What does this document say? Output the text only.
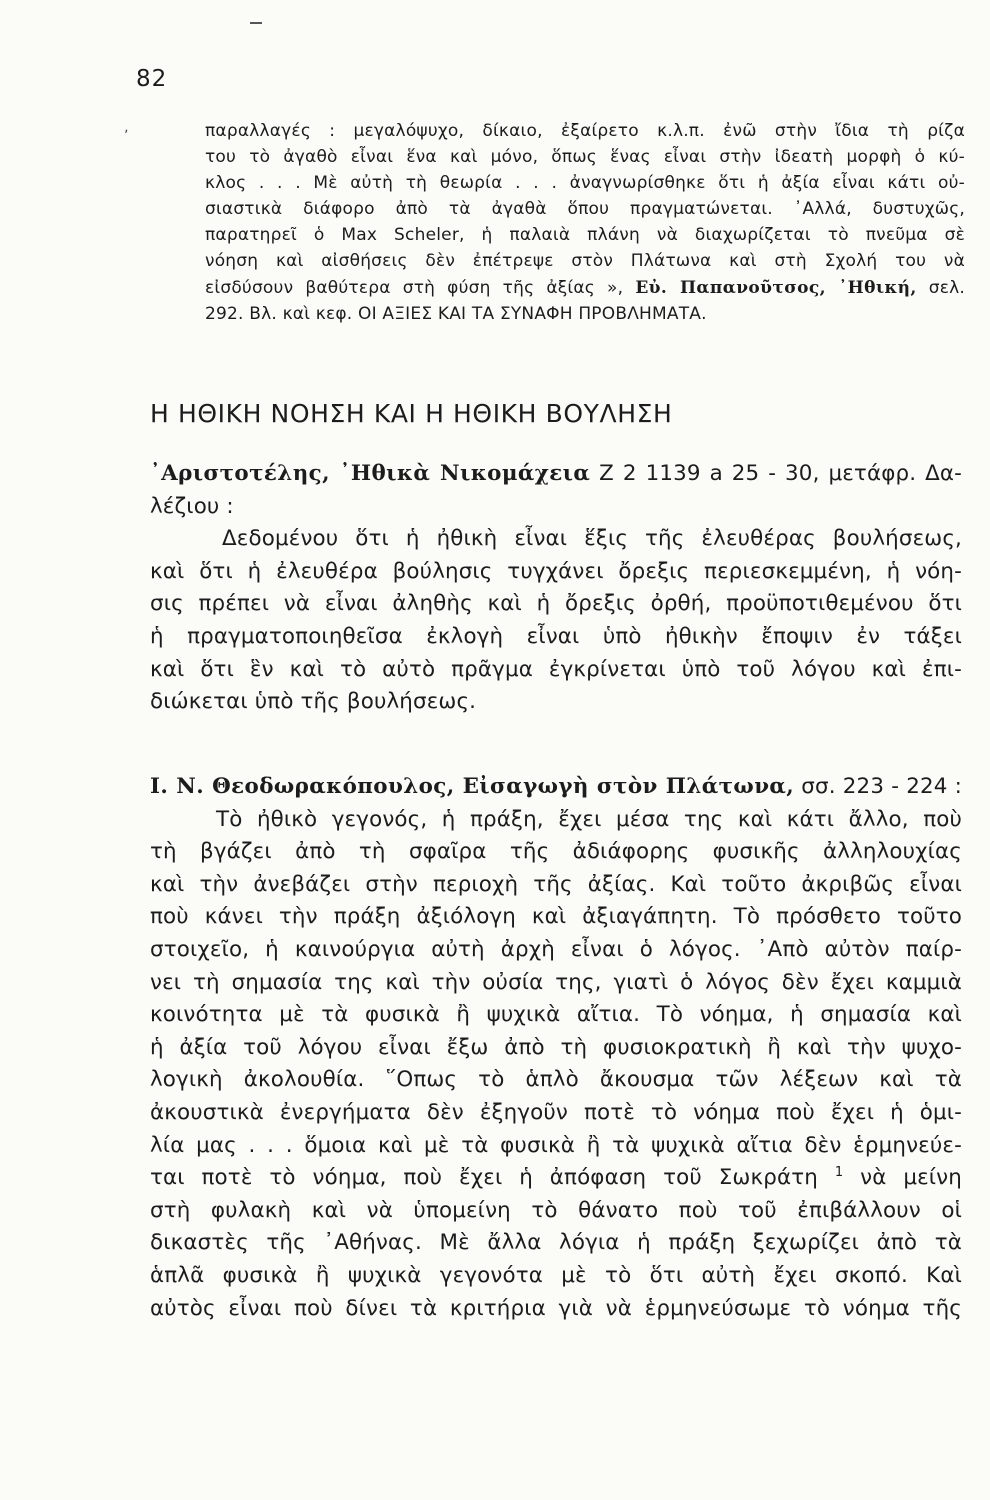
82
ʼ	παραλλαγές : μεγαλόψυχο, δίκαιο, ἐξαίρετο κ.λ.π. ἐνῶ στὴν ἴδια τὴ ρίζα
του τὸ ἀγαθὸ εἶναι ἕνα καὶ μόνο, ὅπως ἕνας εἶναι στὴν ἰδεατὴ μορφὴ ὁ κύ-
κλος . . . Μὲ αὐτὴ τὴ θεωρία . . . ἀναγνωρίσθηκε ὅτι ἡ ἀξία εἶναι κάτι οὐ-
σιαστικὰ διάφορο ἀπὸ τὰ ἀγαθὰ ὅπου πραγματώνεται. ᾿Αλλά, δυστυχῶς,
παρατηρεῖ ὁ Max Scheler, ἡ παλαιὰ πλάνη νὰ διαχωρίζεται τὸ πνεῦμα σὲ
νόηση καὶ αἰσθήσεις δὲν ἐπέτρεψε στὸν Πλάτωνα καὶ στὴ Σχολή του νὰ
εἰσδύσουν βαθύτερα στὴ φύση τῆς ἀξίας », Εὐ. Παπανοῦτσος, ᾿Ηθική, σελ.
292. Βλ. καὶ κεφ. ΟΙ ΑΞΙΕΣ ΚΑΙ ΤΑ ΣΥΝΑΦΗ ΠΡΟΒΛΗΜΑΤΑ.
Η ΗΘΙΚΗ ΝΟΗΣΗ ΚΑΙ Η ΗΘΙΚΗ ΒΟΥΛΗΣΗ
᾿Αριστοτέλης, ᾿Ηθικὰ Νικομάχεια Ζ 2 1139 a 25 - 30, μετάφρ. Δα-
λέζιου :
Δεδομένου ὅτι ἡ ἠθικὴ εἶναι ἕξις τῆς ἐλευθέρας βουλήσεως,
καὶ ὅτι ἡ ἐλευθέρα βούλησις τυγχάνει ὄρεξις περιεσκεμμένη, ἡ νόη-
σις πρέπει νὰ εἶναι ἀληθὴς καὶ ἡ ὄρεξις ὀρθή, προϋποτιθεμένου ὅτι
ἡ πραγματοποιηθεῖσα ἐκλογὴ εἶναι ὑπὸ ἠθικὴν ἔποψιν ἐν τάξει
καὶ ὅτι ἓν καὶ τὸ αὐτὸ πρᾶγμα ἐγκρίνεται ὑπὸ τοῦ λόγου καὶ ἐπι-
διώκεται ὑπὸ τῆς βουλήσεως.
Ι. Ν. Θεοδωρακόπουλος, Εἰσαγωγὴ στὸν Πλάτωνα, σσ. 223 - 224 :
Τὸ ἠθικὸ γεγονός, ἡ πράξη, ἔχει μέσα της καὶ κάτι ἄλλο, ποὺ
τὴ βγάζει ἀπὸ τὴ σφαῖρα τῆς ἀδιάφορης φυσικῆς ἀλληλουχίας
καὶ τὴν ἀνεβάζει στὴν περιοχὴ τῆς ἀξίας. Καὶ τοῦτο ἀκριβῶς εἶναι
ποὺ κάνει τὴν πράξη ἀξιόλογη καὶ ἀξιαγάπητη. Τὸ πρόσθετο τοῦτο
στοιχεῖο, ἡ καινούργια αὐτὴ ἀρχὴ εἶναι ὁ λόγος. ᾿Απὸ αὐτὸν παίρ-
νει τὴ σημασία της καὶ τὴν οὐσία της, γιατὶ ὁ λόγος δὲν ἔχει καμμιὰ
κοινότητα μὲ τὰ φυσικὰ ἢ ψυχικὰ αἴτια. Τὸ νόημα, ἡ σημασία καὶ
ἡ ἀξία τοῦ λόγου εἶναι ἔξω ἀπὸ τὴ φυσιοκρατικὴ ἢ καὶ τὴν ψυχο-
λογικὴ ἀκολουθία. ῞Οπως τὸ ἁπλὸ ἄκουσμα τῶν λέξεων καὶ τὰ
ἀκουστικὰ ἐνεργήματα δὲν ἐξηγοῦν ποτὲ τὸ νόημα ποὺ ἔχει ἡ ὁμι-
λία μας . . . ὅμοια καὶ μὲ τὰ φυσικὰ ἢ τὰ ψυχικὰ αἴτια δὲν ἑρμηνεύε-
ται ποτὲ τὸ νόημα, ποὺ ἔχει ἡ ἀπόφαση τοῦ Σωκράτη $^1$ νὰ μείνη
στὴ φυλακὴ καὶ νὰ ὑπομείνη τὸ θάνατο ποὺ τοῦ ἐπιβάλλουν οἱ
δικαστὲς τῆς ᾿Αθήνας. Μὲ ἄλλα λόγια ἡ πράξη ξεχωρίζει ἀπὸ τὰ
ἁπλᾶ φυσικὰ ἢ ψυχικὰ γεγονότα μὲ τὸ ὅτι αὐτὴ ἔχει σκοπό. Καὶ
αὐτὸς εἶναι ποὺ δίνει τὰ κριτήρια γιὰ νὰ ἑρμηνεύσωμε τὸ νόημα τῆς
